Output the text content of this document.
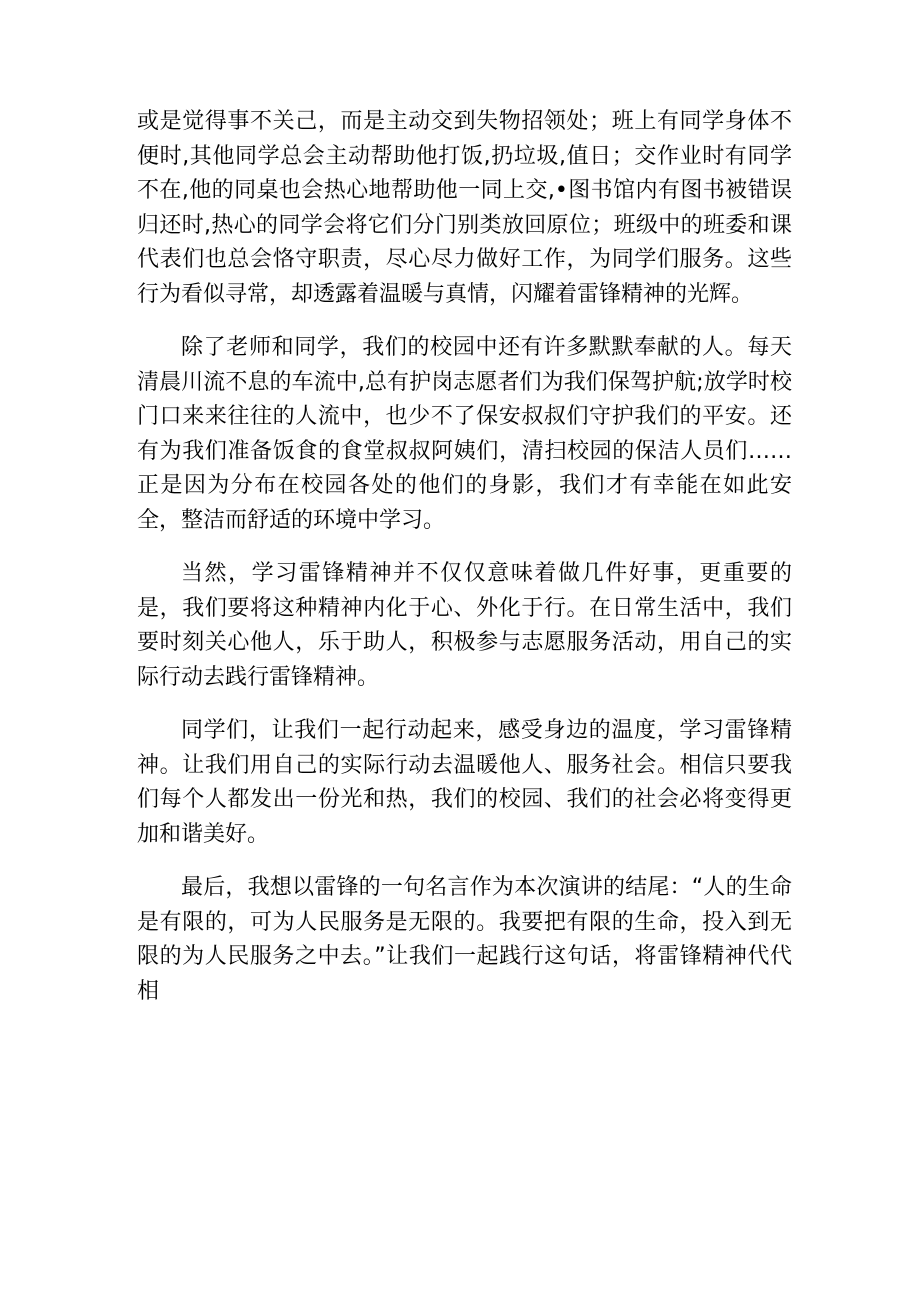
或是觉得事不关己，而是主动交到失物招领处；班上有同学身体不便时,其他同学总会主动帮助他打饭,扔垃圾,值日；交作业时有同学不在,他的同桌也会热心地帮助他一同上交,•图书馆内有图书被错误归还时,热心的同学会将它们分门别类放回原位；班级中的班委和课代表们也总会恪守职责，尽心尽力做好工作，为同学们服务。这些行为看似寻常，却透露着温暖与真情，闪耀着雷锋精神的光辉。

除了老师和同学，我们的校园中还有许多默默奉献的人。每天清晨川流不息的车流中,总有护岗志愿者们为我们保驾护航;放学时校门口来来往往的人流中，也少不了保安叔叔们守护我们的平安。还有为我们准备饭食的食堂叔叔阿姨们，清扫校园的保洁人员们……正是因为分布在校园各处的他们的身影，我们才有幸能在如此安全，整洁而舒适的环境中学习。

当然，学习雷锋精神并不仅仅意味着做几件好事，更重要的是，我们要将这种精神内化于心、外化于行。在日常生活中，我们要时刻关心他人，乐于助人，积极参与志愿服务活动，用自己的实际行动去践行雷锋精神。

同学们，让我们一起行动起来，感受身边的温度，学习雷锋精神。让我们用自己的实际行动去温暖他人、服务社会。相信只要我们每个人都发出一份光和热，我们的校园、我们的社会必将变得更加和谐美好。

最后，我想以雷锋的一句名言作为本次演讲的结尾：“人的生命是有限的，可为人民服务是无限的。我要把有限的生命，投入到无限的为人民服务之中去。”让我们一起践行这句话，将雷锋精神代代相
